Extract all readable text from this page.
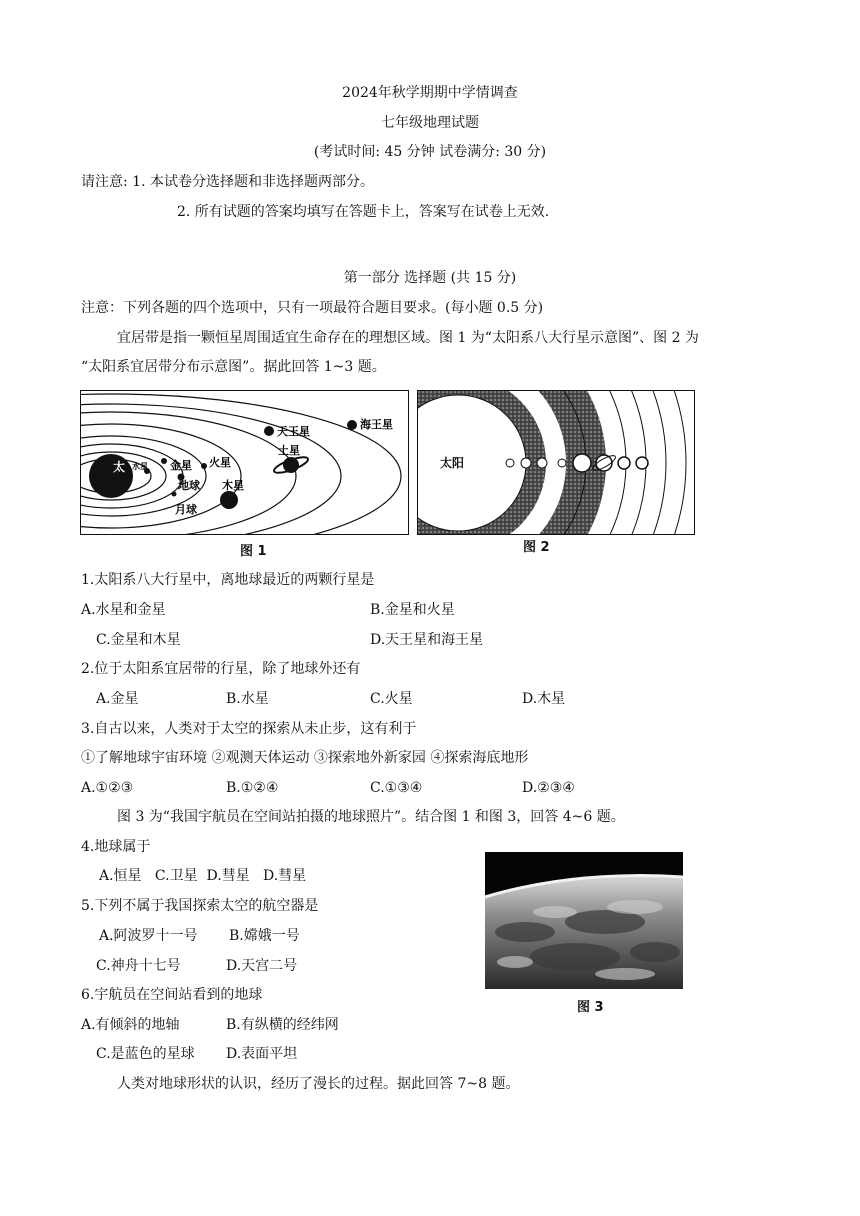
2024年秋学期期中学情调查
七年级地理试题
(考试时间: 45 分钟 试卷满分: 30 分)
请注意: 1. 本试卷分选择题和非选择题两部分。
2. 所有试题的答案均填写在答题卡上，答案写在试卷上无效.
第一部分 选择题 (共 15 分)
注意：下列各题的四个选项中，只有一项最符合题目要求。(每小题 0.5 分)
宜居带是指一颗恒星周围适宜生命存在的理想区域。图 1 为“太阳系八大行星示意图”、图 2 为
“太阳系宜居带分布示意图”。据此回答 1~3 题。
太 水星 金星
地球
月球
火星
木星
土星
天王星
海王星
图 1
太阳
图 2
1.太阳系八大行星中，离地球最近的两颗行星是
A.水星和金星	B.金星和火星
C.金星和木星	D.天王星和海王星
2.位于太阳系宜居带的行星，除了地球外还有
A.金星	B.水星	C.火星	D.木星
3.自古以来，人类对于太空的探索从未止步，这有利于
①了解地球宇宙环境 ②观测天体运动 ③探索地外新家园 ④探索海底地形
A.①②③	B.①②④	C.①③④	D.②③④
图 3 为“我国宇航员在空间站拍摄的地球照片”。结合图 1 和图 3，回答 4~6 题。
图 3
4.地球属于
A.恒星   C.卫星  D.彗星   D.彗星
5.下列不属于我国探索太空的航空器是
A.阿波罗十一号 B.嫦娥一号
C.神舟十七号	D.天宫二号
6.宇航员在空间站看到的地球
A.有倾斜的地轴	B.有纵横的经纬网
C.是蓝色的星球 D.表面平坦
人类对地球形状的认识，经历了漫长的过程。据此回答 7~8 题。
